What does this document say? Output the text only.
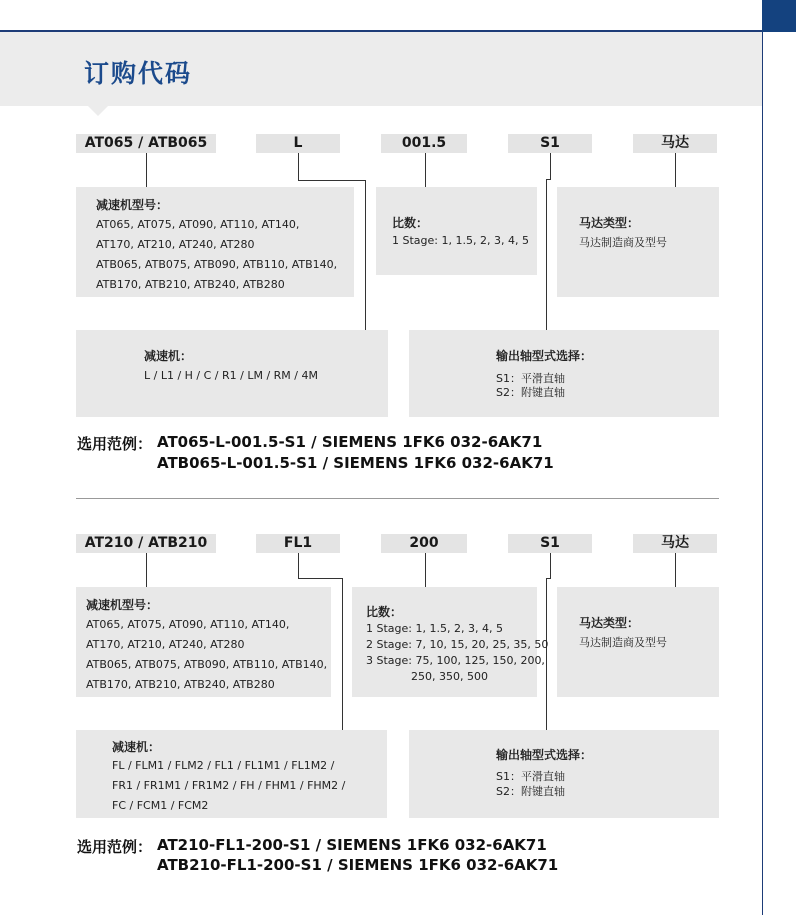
订购代码
AT065 / ATB065	L	001.5	S1	马达
减速机型号：
AT065, AT075, AT090, AT110, AT140,
AT170, AT210, AT240, AT280
ATB065, ATB075, ATB090, ATB110, ATB140,
ATB170, ATB210, ATB240, ATB280
比数：
1 Stage: 1, 1.5, 2, 3, 4, 5
马达类型：
马达制造商及型号
减速机：
L / L1 / H / C / R1 / LM / RM / 4M
输出轴型式选择：
S1：平滑直轴
S2：附键直轴
选用范例： AT065-L-001.5-S1 / SIEMENS 1FK6 032-6AK71
ATB065-L-001.5-S1 / SIEMENS 1FK6 032-6AK71
AT210 / ATB210	FL1	200	S1	马达
减速机型号：
AT065, AT075, AT090, AT110, AT140,
AT170, AT210, AT240, AT280
ATB065, ATB075, ATB090, ATB110, ATB140,
ATB170, ATB210, ATB240, ATB280
比数：
1 Stage: 1, 1.5, 2, 3, 4, 5
2 Stage: 7, 10, 15, 20, 25, 35, 50
3 Stage: 75, 100, 125, 150, 200,
250, 350, 500
马达类型：
马达制造商及型号
减速机：
FL / FLM1 / FLM2 / FL1 / FL1M1 / FL1M2 /
FR1 / FR1M1 / FR1M2 / FH / FHM1 / FHM2 /
FC / FCM1 / FCM2
输出轴型式选择：
S1：平滑直轴
S2：附键直轴
选用范例： AT210-FL1-200-S1 / SIEMENS 1FK6 032-6AK71
ATB210-FL1-200-S1 / SIEMENS 1FK6 032-6AK71
